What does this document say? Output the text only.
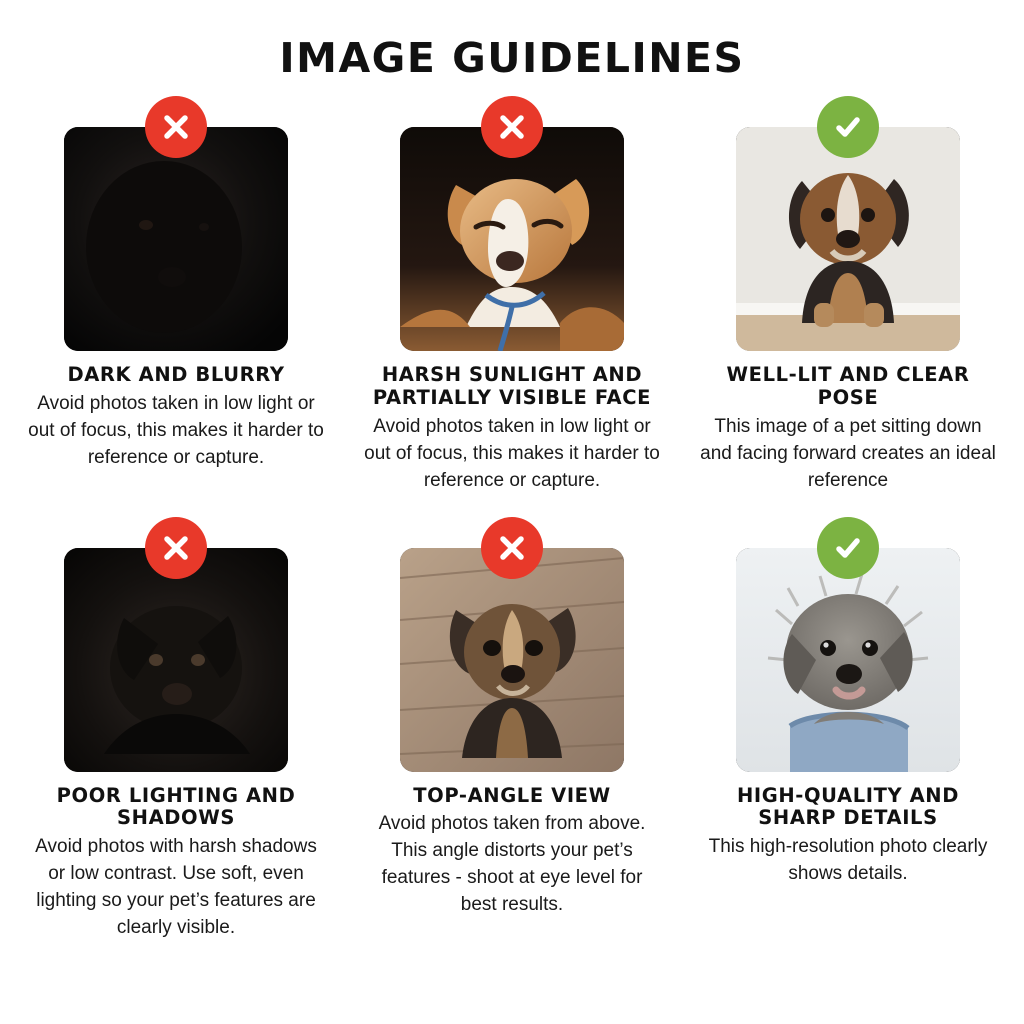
IMAGE GUIDELINES
DARK AND BLURRY
Avoid photos taken in low light or out of focus, this makes it harder to reference or capture.
HARSH SUNLIGHT AND PARTIALLY VISIBLE FACE
Avoid photos taken in low light or out of focus, this makes it harder to reference or capture.
WELL-LIT AND CLEAR POSE
This image of a pet sitting down and facing forward creates an ideal reference
POOR LIGHTING AND SHADOWS
Avoid photos with harsh shadows or low contrast. Use soft, even lighting so your pet’s features are clearly visible.
TOP-ANGLE VIEW
Avoid photos taken from above. This angle distorts your pet’s features - shoot at eye level for best results.
HIGH-QUALITY AND SHARP DETAILS
This high-resolution photo clearly shows details.
